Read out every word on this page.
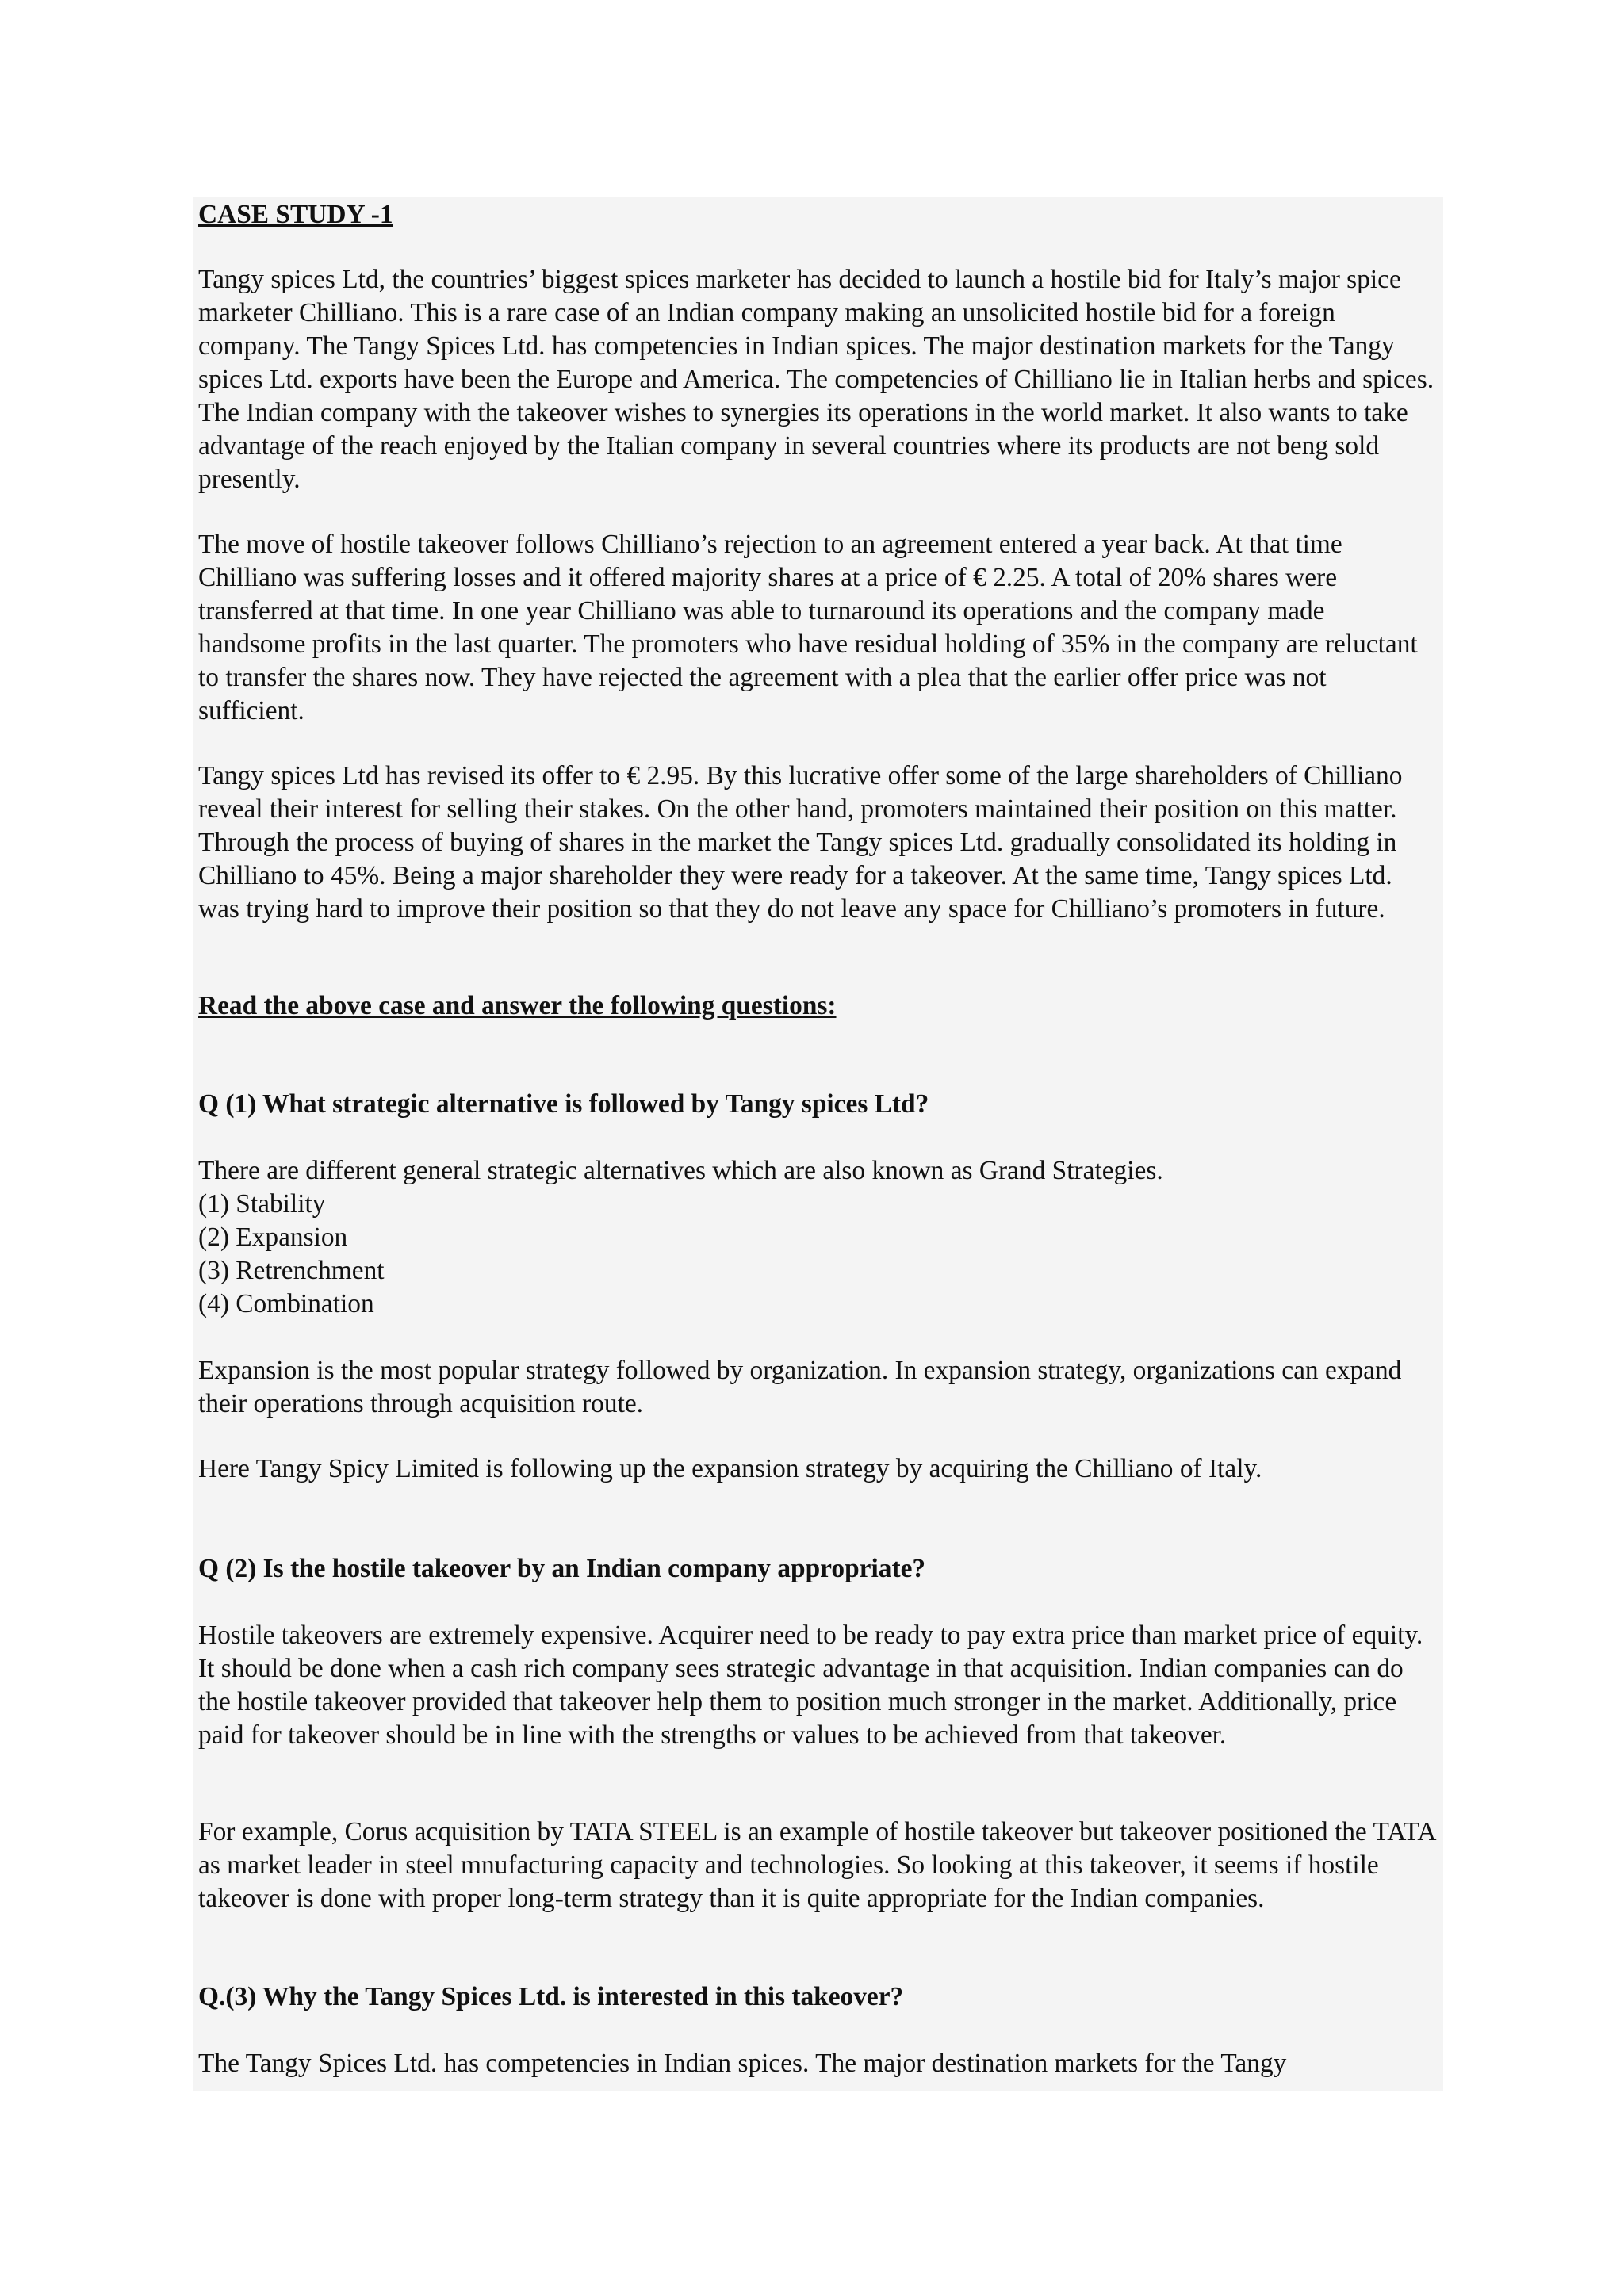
CASE STUDY -1

Tangy spices Ltd, the countries’ biggest spices marketer has decided to launch a hostile bid for Italy’s major spice marketer Chilliano. This is a rare case of an Indian company making an unsolicited hostile bid for a foreign company. The Tangy Spices Ltd. has competencies in Indian spices. The major destination markets for the Tangy spices Ltd. exports have been the Europe and America. The competencies of Chilliano lie in Italian herbs and spices. The Indian company with the takeover wishes to synergies its operations in the world market. It also wants to take advantage of the reach enjoyed by the Italian company in several countries where its products are not beng sold presently.

The move of hostile takeover follows Chilliano’s rejection to an agreement entered a year back. At that time Chilliano was suffering losses and it offered majority shares at a price of € 2.25. A total of 20% shares were transferred at that time. In one year Chilliano was able to turnaround its operations and the company made handsome profits in the last quarter. The promoters who have residual holding of 35% in the company are reluctant to transfer the shares now. They have rejected the agreement with a plea that the earlier offer price was not sufficient.

Tangy spices Ltd has revised its offer to € 2.95. By this lucrative offer some of the large shareholders of Chilliano reveal their interest for selling their stakes. On the other hand, promoters maintained their position on this matter. Through the process of buying of shares in the market the Tangy spices Ltd. gradually consolidated its holding in Chilliano to 45%. Being a major shareholder they were ready for a takeover. At the same time, Tangy spices Ltd. was trying hard to improve their position so that they do not leave any space for Chilliano’s promoters in future.

Read the above case and answer the following questions:

Q (1) What strategic alternative is followed by Tangy spices Ltd?

There are different general strategic alternatives which are also known as Grand Strategies.

(1) Stability

(2) Expansion

(3) Retrenchment

(4) Combination

Expansion is the most popular strategy followed by organization. In expansion strategy, organizations can expand their operations through acquisition route.

Here Tangy Spicy Limited is following up the expansion strategy by acquiring the Chilliano of Italy.

Q (2) Is the hostile takeover by an Indian company appropriate?

Hostile takeovers are extremely expensive. Acquirer need to be ready to pay extra price than market price of equity. It should be done when a cash rich company sees strategic advantage in that acquisition. Indian companies can do the hostile takeover provided that takeover help them to position much stronger in the market. Additionally, price paid for takeover should be in line with the strengths or values to be achieved from that takeover.

For example, Corus acquisition by TATA STEEL is an example of hostile takeover but takeover positioned the TATA as market leader in steel mnufacturing capacity and technologies. So looking at this takeover, it seems if hostile takeover is done with proper long-term strategy than it is quite appropriate for the Indian companies.

Q.(3) Why the Tangy Spices Ltd. is interested in this takeover?

The Tangy Spices Ltd. has competencies in Indian spices. The major destination markets for the Tangy
